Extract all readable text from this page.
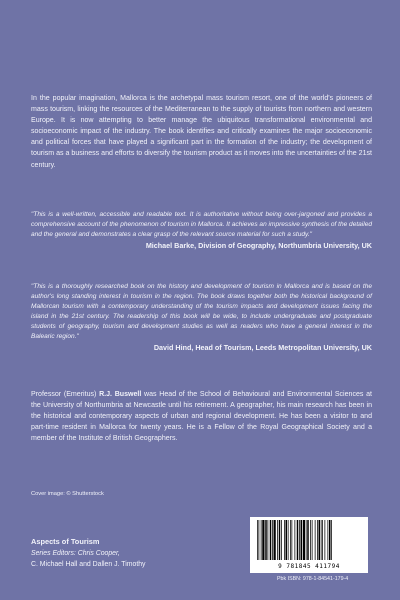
In the popular imagination, Mallorca is the archetypal mass tourism resort, one of the world's pioneers of mass tourism, linking the resources of the Mediterranean to the supply of tourists from northern and western Europe. It is now attempting to better manage the ubiquitous transformational environmental and socioeconomic impact of the industry. The book identifies and critically examines the major socioeconomic and political forces that have played a significant part in the formation of the industry; the development of tourism as a business and efforts to diversify the tourism product as it moves into the uncertainties of the 21st century.
"This is a well-written, accessible and readable text. It is authoritative without being over-jargoned and provides a comprehensive account of the phenomenon of tourism in Mallorca. It achieves an impressive synthesis of the detailed and the general and demonstrates a clear grasp of the relevant source material for such a study."
Michael Barke, Division of Geography, Northumbria University, UK
"This is a thoroughly researched book on the history and development of tourism in Mallorca and is based on the author's long standing interest in tourism in the region. The book draws together both the historical background of Mallorcan tourism with a contemporary understanding of the tourism impacts and development issues facing the island in the 21st century. The readership of this book will be wide, to include undergraduate and postgraduate students of geography, tourism and development studies as well as readers who have a general interest in the Balearic region."
David Hind, Head of Tourism, Leeds Metropolitan University, UK
Professor (Emeritus) R.J. Buswell was Head of the School of Behavioural and Environmental Sciences at the University of Northumbria at Newcastle until his retirement. A geographer, his main research has been in the historical and contemporary aspects of urban and regional development. He has been a visitor to and part-time resident in Mallorca for twenty years. He is a Fellow of the Royal Geographical Society and a member of the Institute of British Geographers.
Cover image: © Shutterstock
Aspects of Tourism
Series Editors: Chris Cooper,
C. Michael Hall and Dallen J. Timothy	9 781845 411794
Pbk ISBN: 978-1-84541-179-4
